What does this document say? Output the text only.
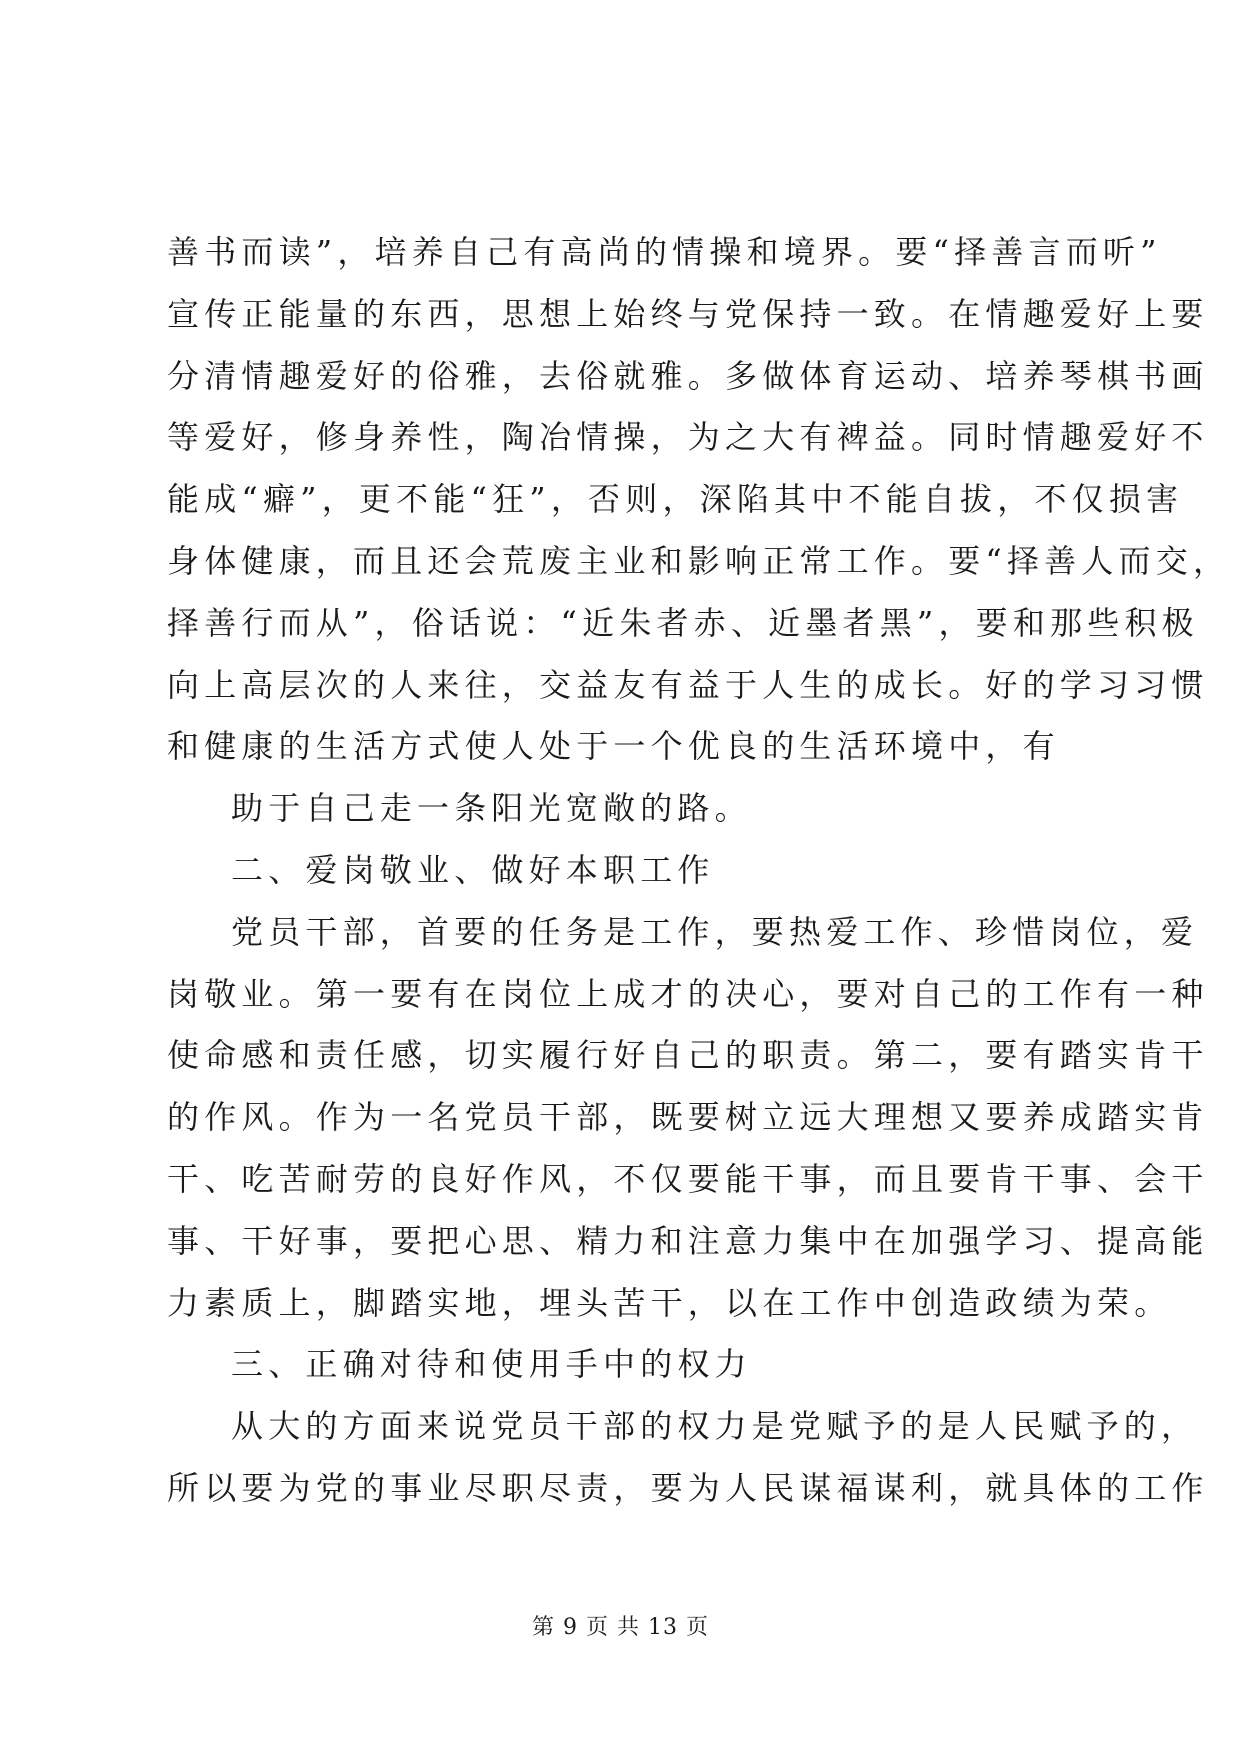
善书而读”，培养自己有高尚的情操和境界。要“择善言而听”
宣传正能量的东西，思想上始终与党保持一致。在情趣爱好上要
分清情趣爱好的俗雅，去俗就雅。多做体育运动、培养琴棋书画
等爱好，修身养性，陶冶情操，为之大有裨益。同时情趣爱好不
能成“癖”，更不能“狂”，否则，深陷其中不能自拔，不仅损害
身体健康，而且还会荒废主业和影响正常工作。要“择善人而交，
择善行而从”，俗话说：“近朱者赤、近墨者黑”，要和那些积极
向上高层次的人来往，交益友有益于人生的成长。好的学习习惯
和健康的生活方式使人处于一个优良的生活环境中，有
助于自己走一条阳光宽敞的路。
二、爱岗敬业、做好本职工作
党员干部，首要的任务是工作，要热爱工作、珍惜岗位，爱
岗敬业。第一要有在岗位上成才的决心，要对自己的工作有一种
使命感和责任感，切实履行好自己的职责。第二，要有踏实肯干
的作风。作为一名党员干部，既要树立远大理想又要养成踏实肯
干、吃苦耐劳的良好作风，不仅要能干事，而且要肯干事、会干
事、干好事，要把心思、精力和注意力集中在加强学习、提高能
力素质上，脚踏实地，埋头苦干，以在工作中创造政绩为荣。
三、正确对待和使用手中的权力
从大的方面来说党员干部的权力是党赋予的是人民赋予的，
所以要为党的事业尽职尽责，要为人民谋福谋利，就具体的工作
第 9 页 共 13 页
